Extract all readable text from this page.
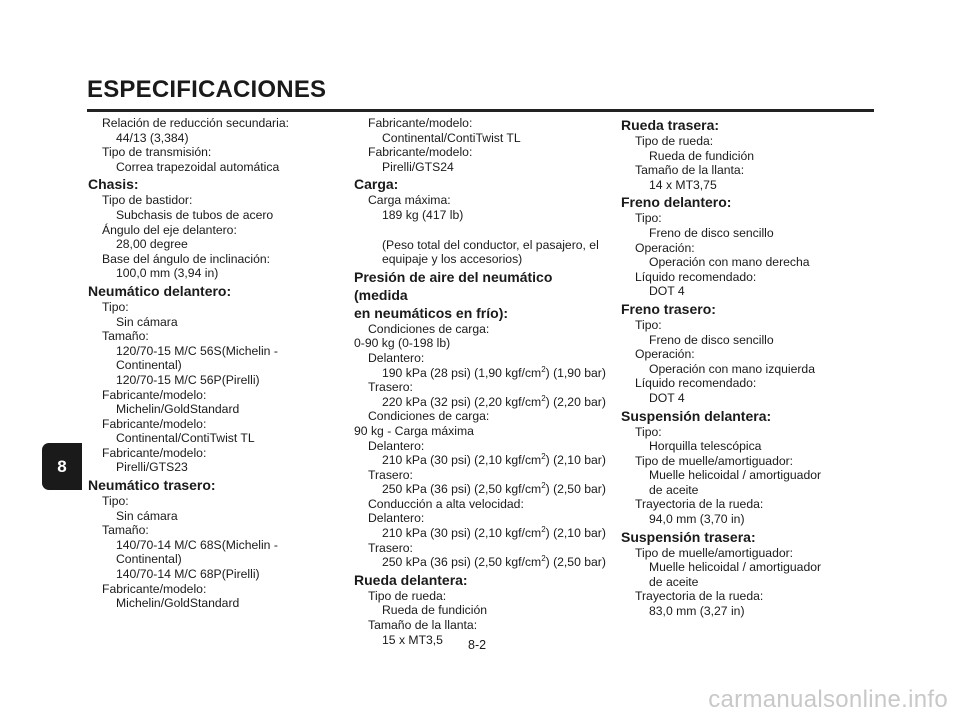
ESPECIFICACIONES
8
Relación de reducción secundaria:
44/13 (3,384)
Tipo de transmisión:
Correa trapezoidal automática
Chasis:
Tipo de bastidor:
Subchasis de tubos de acero
Ángulo del eje delantero:
28,00 degree
Base del ángulo de inclinación:
100,0 mm (3,94 in)
Neumático delantero:
Tipo:
Sin cámara
Tamaño:
120/70-15 M/C 56S(Michelin -
Continental)
120/70-15 M/C 56P(Pirelli)
Fabricante/modelo:
Michelin/GoldStandard
Fabricante/modelo:
Continental/ContiTwist TL
Fabricante/modelo:
Pirelli/GTS23
Neumático trasero:
Tipo:
Sin cámara
Tamaño:
140/70-14 M/C 68S(Michelin -
Continental)
140/70-14 M/C 68P(Pirelli)
Fabricante/modelo:
Michelin/GoldStandard
Fabricante/modelo:
Continental/ContiTwist TL
Fabricante/modelo:
Pirelli/GTS24
Carga:
Carga máxima:
189 kg (417 lb)
(Peso total del conductor, el pasajero, el
equipaje y los accesorios)
Presión de aire del neumático (medida
en neumáticos en frío):
Condiciones de carga:
0-90 kg (0-198 lb)
Delantero:
190 kPa (28 psi) (1,90 kgf/$cm^2$) (1,90 bar)
Trasero:
220 kPa (32 psi) (2,20 kgf/$cm^2$) (2,20 bar)
Condiciones de carga:
90 kg - Carga máxima
Delantero:
210 kPa (30 psi) (2,10 kgf/$cm^2$) (2,10 bar)
Trasero:
250 kPa (36 psi) (2,50 kgf/$cm^2$) (2,50 bar)
Conducción a alta velocidad:
Delantero:
210 kPa (30 psi) (2,10 kgf/$cm^2$) (2,10 bar)
Trasero:
250 kPa (36 psi) (2,50 kgf/$cm^2$) (2,50 bar)
Rueda delantera:
Tipo de rueda:
Rueda de fundición
Tamaño de la llanta:
15 x MT3,5
Rueda trasera:
Tipo de rueda:
Rueda de fundición
Tamaño de la llanta:
14 x MT3,75
Freno delantero:
Tipo:
Freno de disco sencillo
Operación:
Operación con mano derecha
Líquido recomendado:
DOT 4
Freno trasero:
Tipo:
Freno de disco sencillo
Operación:
Operación con mano izquierda
Líquido recomendado:
DOT 4
Suspensión delantera:
Tipo:
Horquilla telescópica
Tipo de muelle/amortiguador:
Muelle helicoidal / amortiguador
de aceite
Trayectoria de la rueda:
94,0 mm (3,70 in)
Suspensión trasera:
Tipo de muelle/amortiguador:
Muelle helicoidal / amortiguador
de aceite
Trayectoria de la rueda:
83,0 mm (3,27 in)
8-2
carmanualsonline.info
